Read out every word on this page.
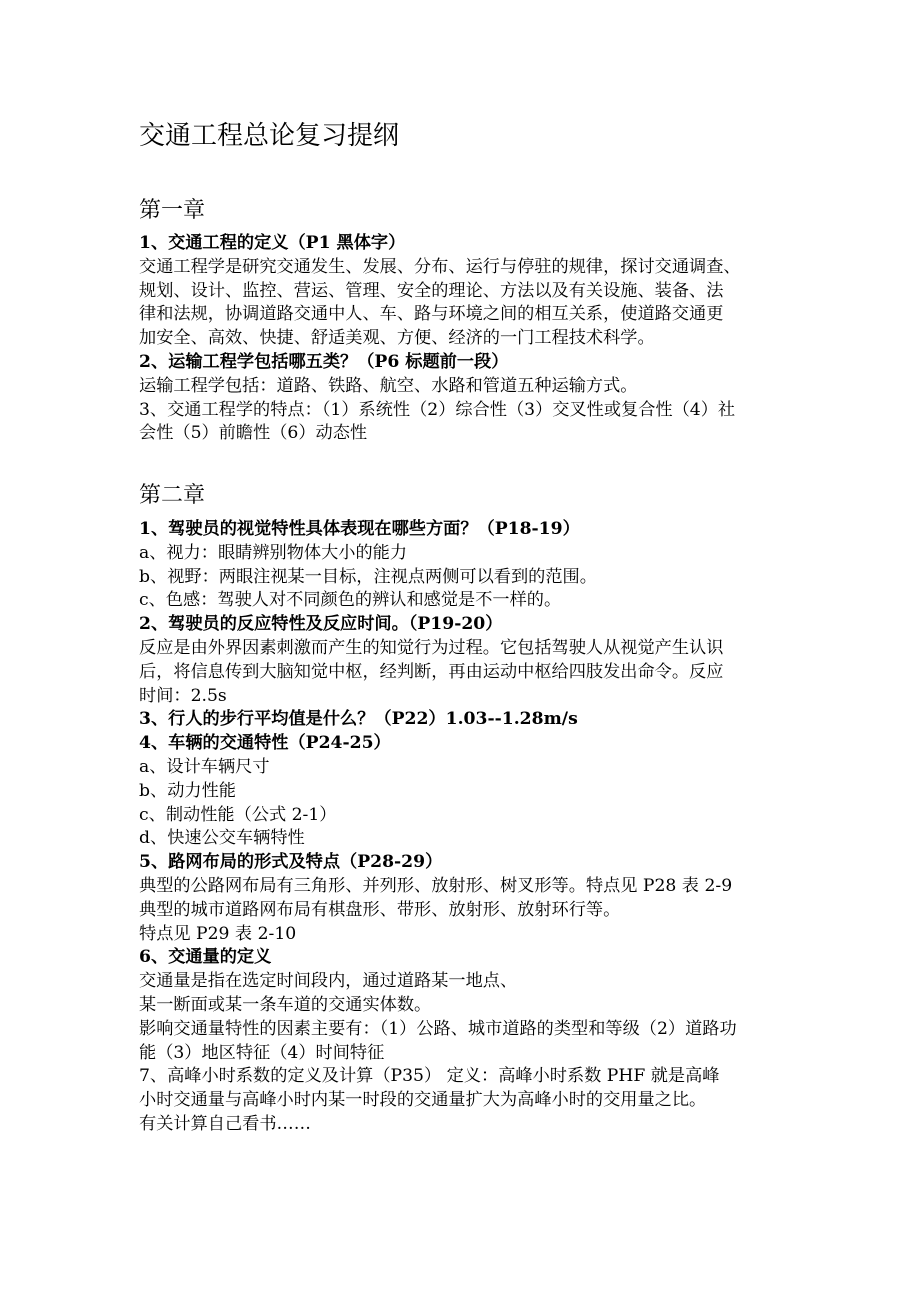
交通工程总论复习提纲
第一章
1、交通工程的定义（P1 黑体字）
交通工程学是研究交通发生、发展、分布、运行与停驻的规律，探讨交通调查、
规划、设计、监控、营运、管理、安全的理论、方法以及有关设施、装备、法
律和法规，协调道路交通中人、车、路与环境之间的相互关系，使道路交通更
加安全、高效、快捷、舒适美观、方便、经济的一门工程技术科学。
2、运输工程学包括哪五类？（P6 标题前一段）
运输工程学包括：道路、铁路、航空、水路和管道五种运输方式。
3、交通工程学的特点：（1）系统性（2）综合性（3）交叉性或复合性（4）社
会性（5）前瞻性（6）动态性
第二章
1、驾驶员的视觉特性具体表现在哪些方面？（P18-19）
a、视力：眼睛辨别物体大小的能力
b、视野：两眼注视某一目标，注视点两侧可以看到的范围。
c、色感：驾驶人对不同颜色的辨认和感觉是不一样的。
2、驾驶员的反应特性及反应时间。（P19-20）
反应是由外界因素刺激而产生的知觉行为过程。它包括驾驶人从视觉产生认识
后，将信息传到大脑知觉中枢，经判断，再由运动中枢给四肢发出命令。反应
时间：2.5s
3、行人的步行平均值是什么？（P22）1.03--1.28m/s
4、车辆的交通特性（P24-25）
a、设计车辆尺寸
b、动力性能
c、制动性能（公式 2-1）
d、快速公交车辆特性
5、路网布局的形式及特点（P28-29）
典型的公路网布局有三角形、并列形、放射形、树叉形等。特点见 P28 表 2-9
典型的城市道路网布局有棋盘形、带形、放射形、放射环行等。
特点见 P29 表 2-10
6、交通量的定义
交通量是指在选定时间段内，通过道路某一地点、
某一断面或某一条车道的交通实体数。
影响交通量特性的因素主要有：（1）公路、城市道路的类型和等级（2）道路功
能（3）地区特征（4）时间特征
7、高峰小时系数的定义及计算（P35） 定义：高峰小时系数 PHF 就是高峰
小时交通量与高峰小时内某一时段的交通量扩大为高峰小时的交用量之比。
有关计算自己看书……
